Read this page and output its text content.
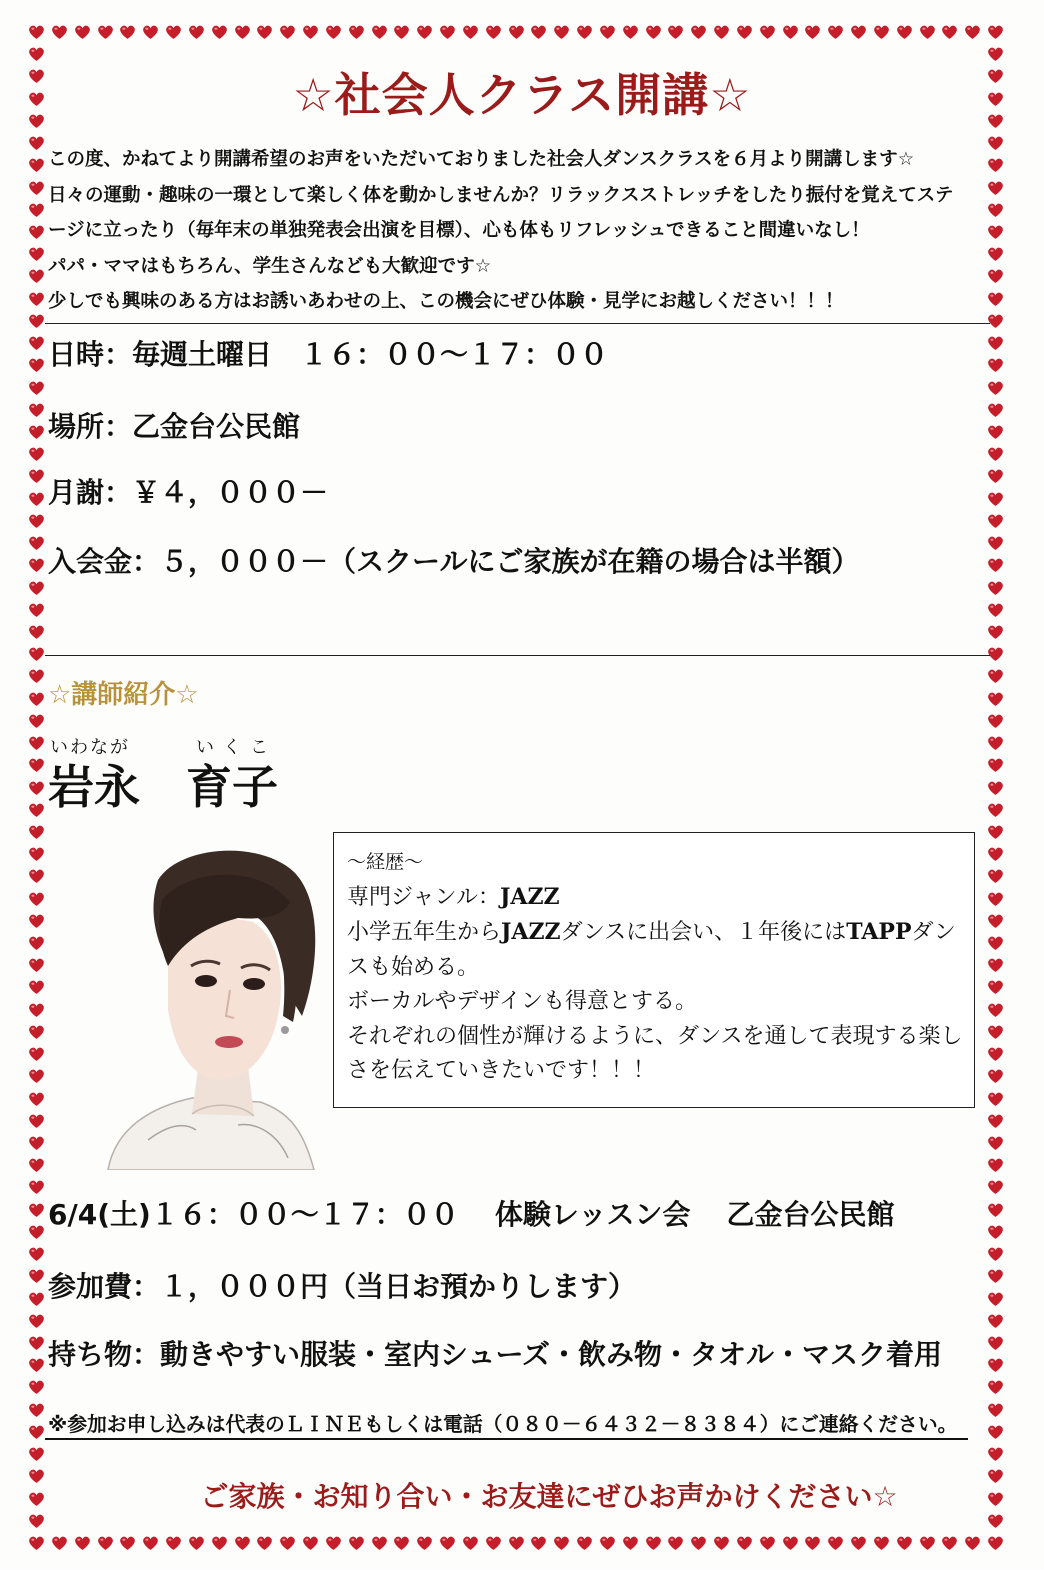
☆社会人クラス開講☆
この度、かねてより開講希望のお声をいただいておりました社会人ダンスクラスを６月より開講します☆
日々の運動・趣味の一環として楽しく体を動かしませんか？リラックスストレッチをしたり振付を覚えてステ
ージに立ったり（毎年末の単独発表会出演を目標）、心も体もリフレッシュできること間違いなし！
パパ・ママはもちろん、学生さんなども大歓迎です☆
少しでも興味のある方はお誘いあわせの上、この機会にぜひ体験・見学にお越しください！！！
日時：毎週土曜日　１６：００～１７：００
場所：乙金台公民館
月謝：￥４，０００－
入会金：５，０００－（スクールにご家族が在籍の場合は半額）
☆講師紹介☆
いわなが	いくこ
岩永 育子
～経歴～
専門ジャンル：JAZZ
小学五年生からJAZZダンスに出会い、１年後にはTAPPダン
スも始める。
ボーカルやデザインも得意とする。
それぞれの個性が輝けるように、ダンスを通して表現する楽し
さを伝えていきたいです！！！
6/4(土)１６：００～１７：００ 体験レッスン会 乙金台公民館
参加費：１，０００円（当日お預かりします）
持ち物：動きやすい服装・室内シューズ・飲み物・タオル・マスク着用
※参加お申し込みは代表のＬＩＮＥもしくは電話（０８０－６４３２－８３８４）にご連絡ください。
ご家族・お知り合い・お友達にぜひお声かけください☆
